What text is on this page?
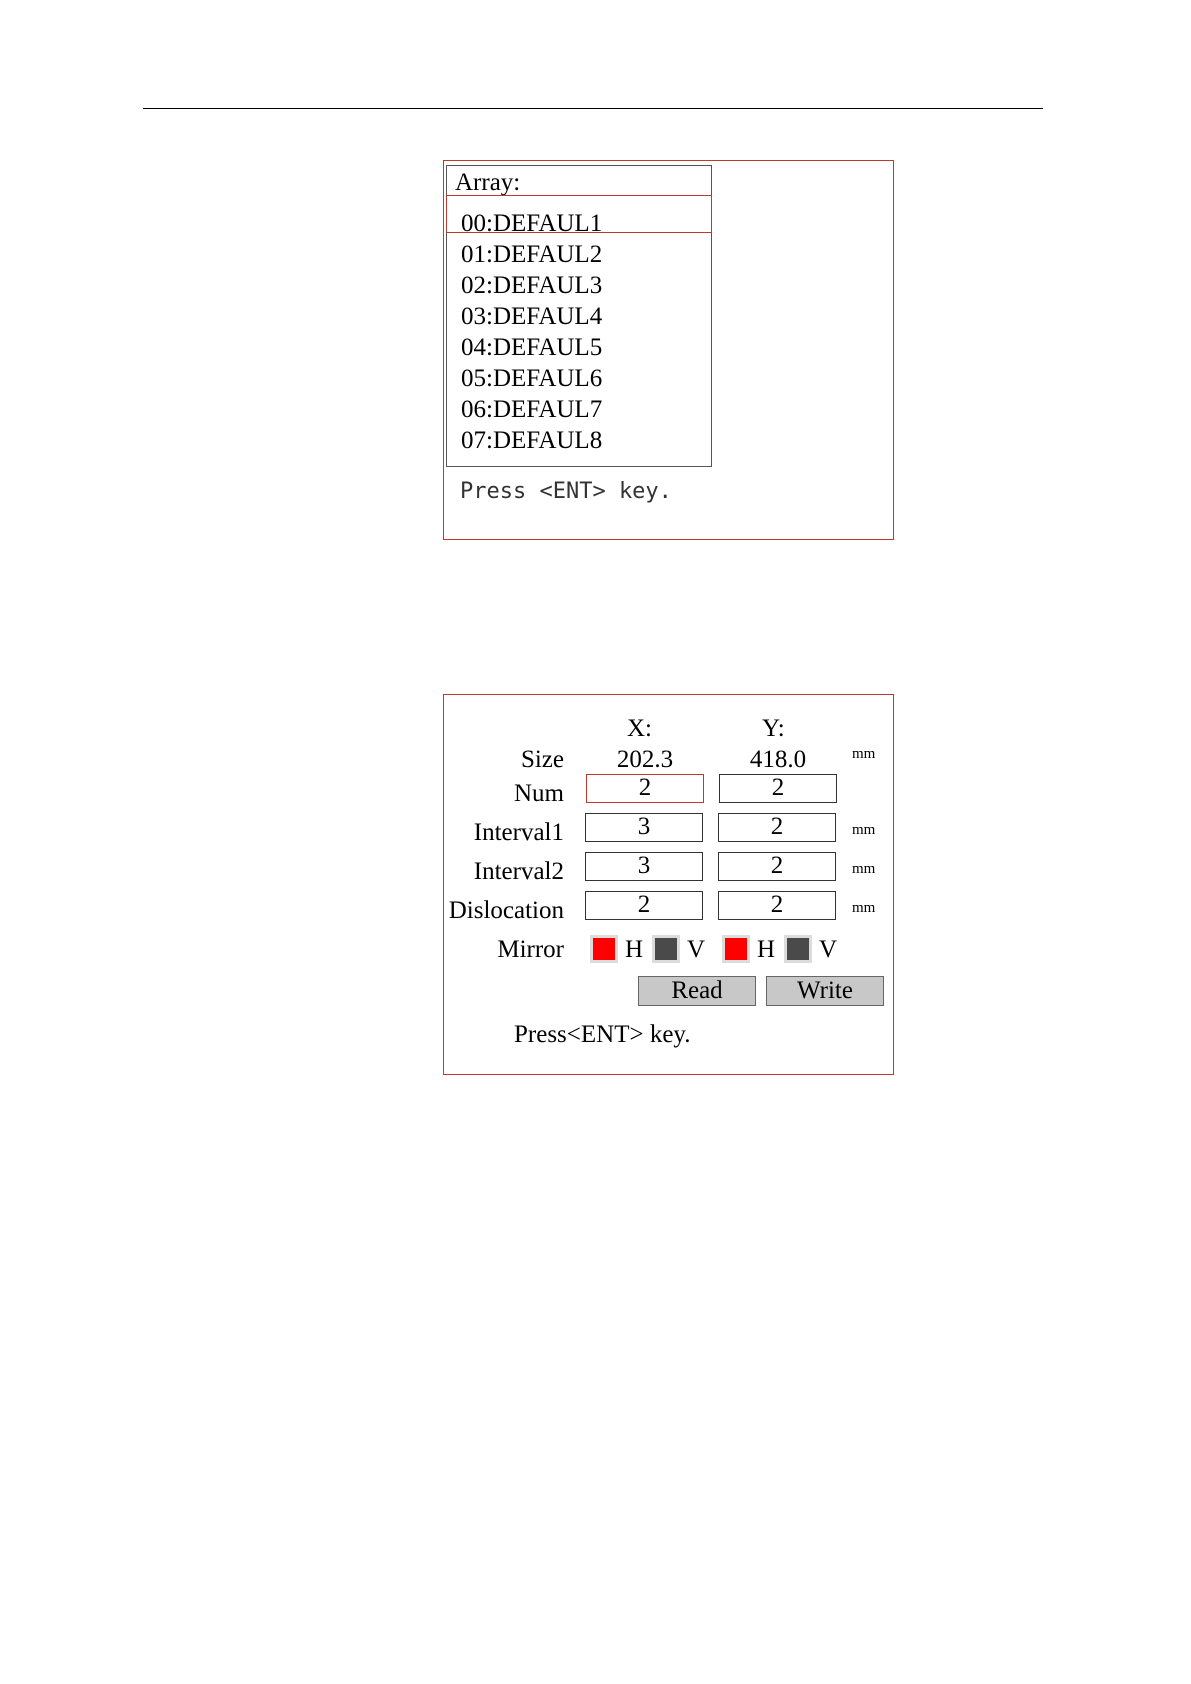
Array:
00:DEFAUL1
01:DEFAUL2
02:DEFAUL3
03:DEFAUL4
04:DEFAUL5
05:DEFAUL6
06:DEFAUL7
07:DEFAUL8
Press <ENT> key.
X:	Y:
Size	202.3	418.0	mm
Num	2	2
Interval1	3	2	mm
Interval2	3	2	mm
Dislocation	2	2	mm
Mirror H V H V
Read	Write
Press<ENT> key.
